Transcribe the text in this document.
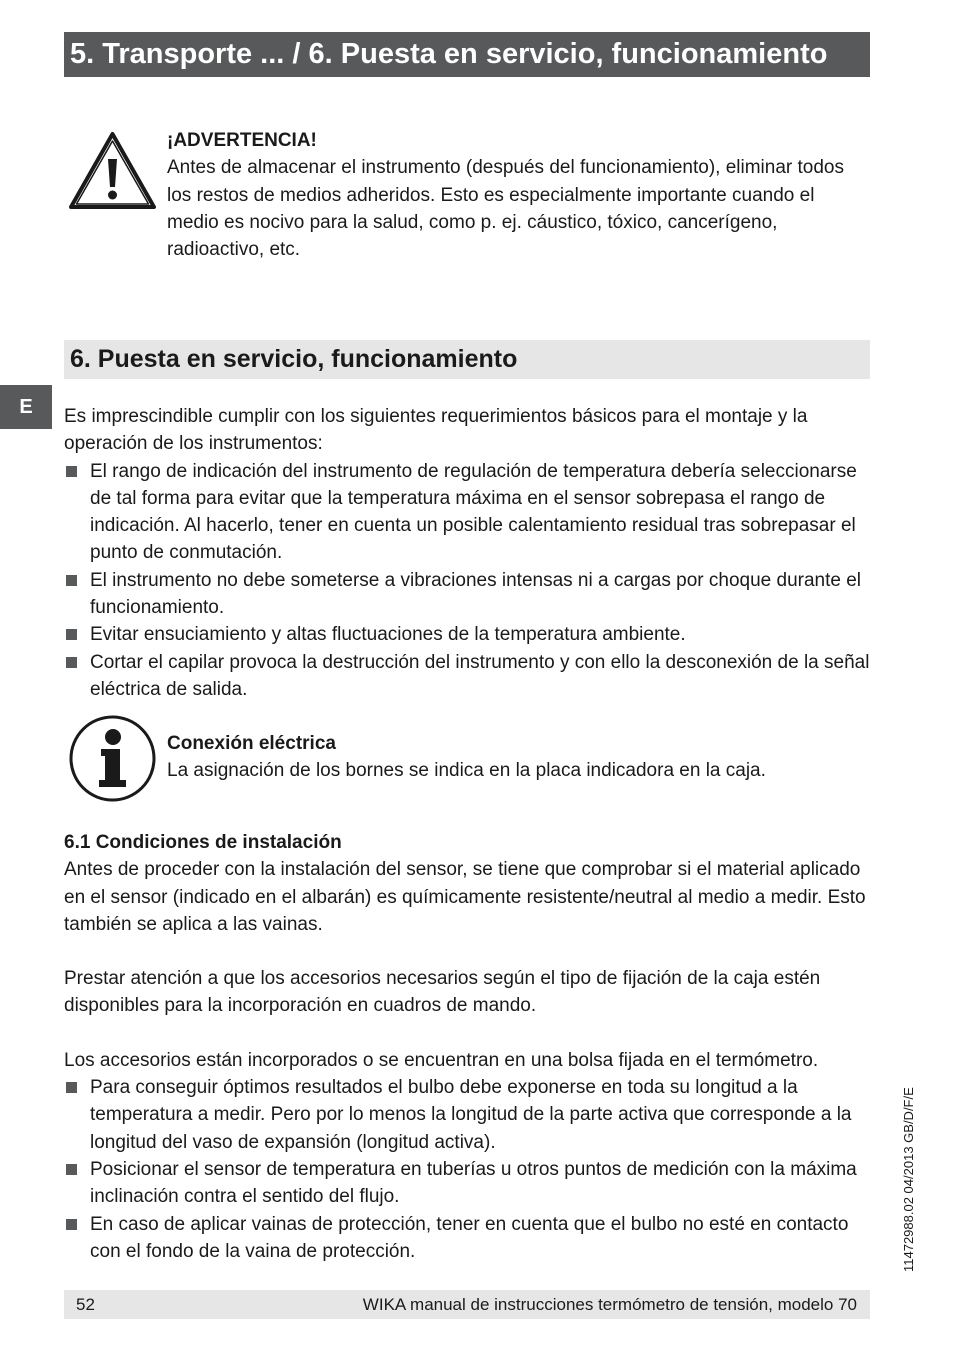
5. Transporte ... / 6. Puesta en servicio, funcionamiento

¡ADVERTENCIA!

Antes de almacenar el instrumento (después del funcionamiento), eliminar todos los restos de medios adheridos. Esto es especialmente importante cuando el medio es nocivo para la salud, como p. ej. cáustico, tóxico, cancerígeno, radioactivo, etc.

6. Puesta en servicio, funcionamiento
E	Es imprescindible cumplir con los siguientes requerimientos básicos para el montaje y la operación de los instrumentos:

El rango de indicación del instrumento de regulación de temperatura debería seleccionarse de tal forma para evitar que la temperatura máxima en el sensor sobrepasa el rango de indicación. Al hacerlo, tener en cuenta un posible calentamiento residual tras sobrepasar el punto de conmutación.
El instrumento no debe someterse a vibraciones intensas ni a cargas por choque durante el funcionamiento.
Evitar ensuciamiento y altas fluctuaciones de la temperatura ambiente.
Cortar el capilar provoca la destrucción del instrumento y con ello la desconexión de la señal eléctrica de salida.

Conexión eléctrica

La asignación de los bornes se indica en la placa indicadora en la caja.

6.1 Condiciones de instalación

Antes de proceder con la instalación del sensor, se tiene que comprobar si el material aplicado en el sensor (indicado en el albarán) es químicamente resistente/neutral al medio a medir. Esto también se aplica a las vainas.

Prestar atención a que los accesorios necesarios según el tipo de fijación de la caja estén disponibles para la incorporación en cuadros de mando.

Los accesorios están incorporados o se encuentran en una bolsa fijada en el termómetro.

Para conseguir óptimos resultados el bulbo debe exponerse en toda su longitud a la temperatura a medir. Pero por lo menos la longitud de la parte activa que corresponde a la longitud del vaso de expansión (longitud activa).
Posicionar el sensor de temperatura en tuberías u otros puntos de medición con la máxima inclinación contra el sentido del flujo.
En caso de aplicar vainas de protección, tener en cuenta que el bulbo no esté en contacto con el fondo de la vaina de protección.	11472988.02 04/2013 GB/D/F/E
52	WIKA manual de instrucciones termómetro de tensión, modelo 70
